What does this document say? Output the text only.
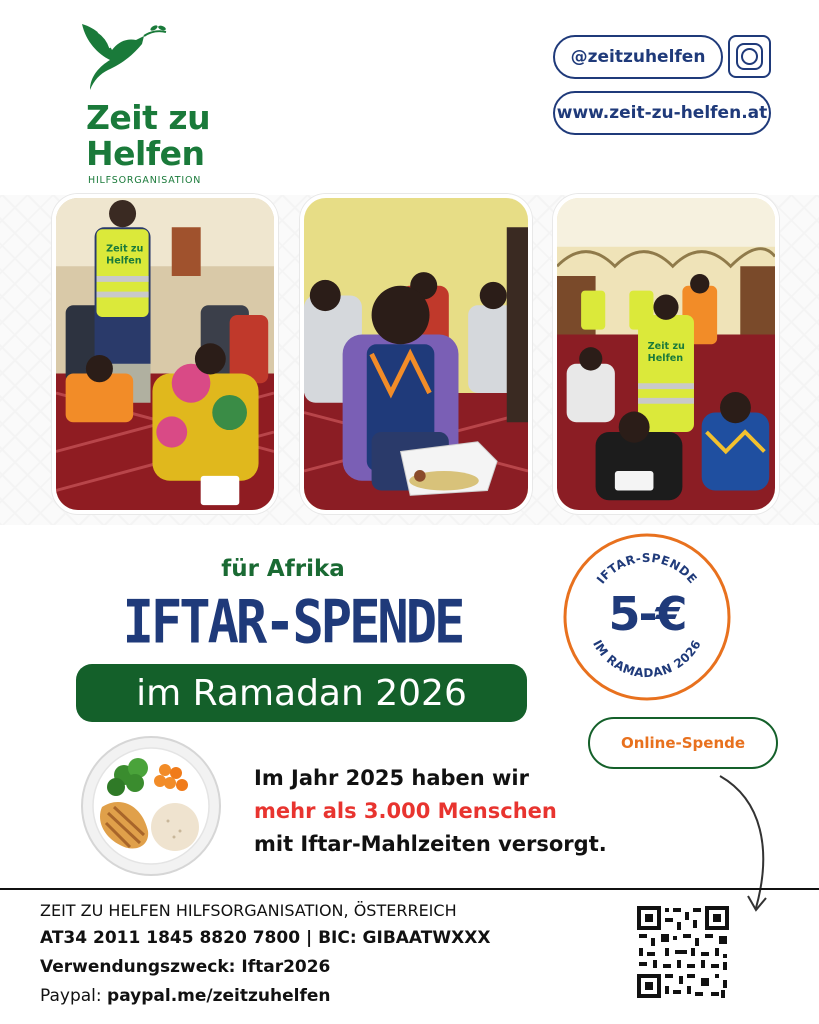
Zeit zu
Helfen
HILFSORGANISATION
@zeitzuhelfen
www.zeit-zu-helfen.at
Zeit zu
Helfen
Zeit zu
Helfen
für Afrika
IFTAR-SPENDE
im Ramadan 2026
IFTAR-SPENDE
IM RAMADAN 2026
5-€
Online-Spende
Im Jahr 2025 haben wir
mehr als 3.000 Menschen
mit Iftar-Mahlzeiten versorgt.
ZEIT ZU HELFEN HILFSORGANISATION, ÖSTERREICH
AT34 2011 1845 8820 7800 | BIC: GIBAATWXXX
Verwendungszweck: Iftar2026
Paypal: paypal.me/zeitzuhelfen
